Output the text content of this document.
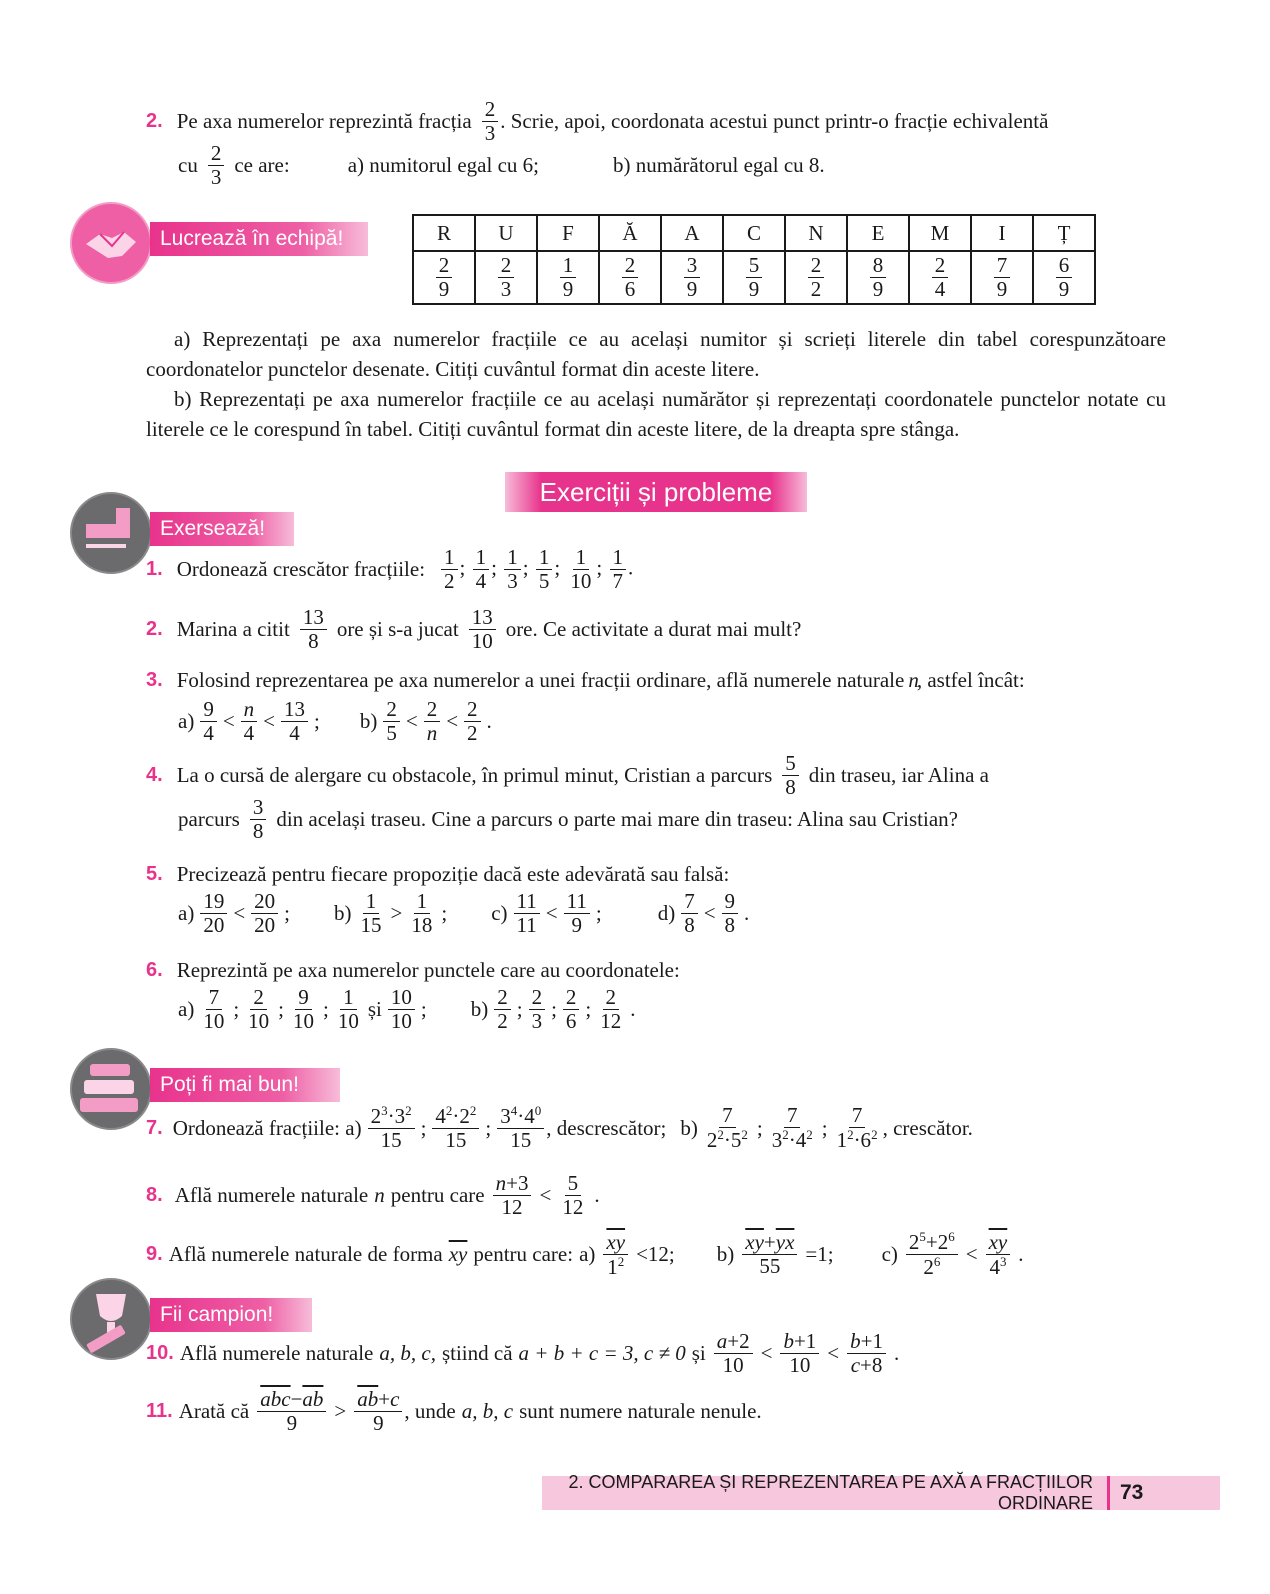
2. Pe axa numerelor reprezintă fracția $\frac{2}{3}$ . Scrie, apoi, coordonata acestui punct printr-o fracție echivalentă
cu $\frac{2}{3}$ ce are:	a) numitorul egal cu 6;	b) numărătorul egal cu 8.
Lucrează în echipă!	R	U	F	Ă	A	C	N	E	M	I	Ț

$\frac{2}{9}$	$\frac{2}{3}$	$\frac{1}{9}$	$\frac{2}{6}$	$\frac{3}{9}$	$\frac{5}{9}$	$\frac{2}{2}$	$\frac{8}{9}$	$\frac{2}{4}$	$\frac{7}{9}$	$\frac{6}{9}$
a) Reprezentați pe axa numerelor fracțiile ce au același numitor și scrieți literele din tabel corespunzătoare coordonatelor punctelor desenate. Citiți cuvântul format din aceste litere.
b) Reprezentați pe axa numerelor fracțiile ce au același numărător și reprezentați coordonatele punctelor notate cu literele ce le corespund în tabel. Citiți cuvântul format din aceste litere, de la dreapta spre stânga.
Exerciții și probleme
Exersează!
1. Ordonează crescător fracțiile: $\frac{1}{2}$ ; $\frac{1}{4}$ ; $\frac{1}{3}$ ; $\frac{1}{5}$ ; $\frac{1}{10}$ ; $\frac{1}{7}$ .
2. Marina a citit $\frac{13}{8}$ ore și s-a jucat $\frac{13}{10}$ ore. Ce activitate a durat mai mult?
3. Folosind reprezentarea pe axa numerelor a unei fracții ordinare, află numerele naturale n
, astfel încât:
$a) \frac{9}{4} < \frac{n}{4} < \frac{13}{4}$ ; $b) \frac{2}{5} < \frac{2}{n} < \frac{2}{2}$ .
4. La o cursă de alergare cu obstacole, în primul minut, Cristian a parcurs $\frac{5}{8}$ din traseu, iar Alina a
parcurs $\frac{3}{8}$ din același traseu. Cine a parcurs o parte mai mare din traseu: Alina sau Cristian?
5. Precizează pentru fiecare propoziție dacă este adevărată sau falsă:
$a) \frac{19}{20} < \frac{20}{20}$ ; $b) \frac{1}{15} > \frac{1}{18}$ ; $c) \frac{11}{11} < \frac{11}{9}$ ;	$d) \frac{7}{8} < \frac{9}{8}$ .
6. Reprezintă pe axa numerelor punctele care au coordonatele:
$a) \frac{7}{10}$ ; $\frac{2}{10}$ ; $\frac{9}{10}$ ; $\frac{1}{10}$ și $\frac{10}{10}$ ; $b) \frac{2}{2}$ ; $\frac{2}{3}$ ; $\frac{2}{6}$ ; $\frac{2}{12}$ .
Poți fi mai bun!
7. Ordonează fracțiile: $a) \frac{2^3\cdot 3^2}{15}$ ; $\frac{4^2\cdot 2^2}{15}$ ; $\frac{3^4\cdot 4^0}{15}$ , descrescător; $b) \frac{7}{2^2\cdot 5^2}$ ; $\frac{7}{3^2\cdot 4^2}$ ; $\frac{7}{1^2\cdot 6^2}$ , crescător.
8. Află numerele naturale n pentru care $\frac{n+3}{12} < \frac{5}{12}$ .
9. Află numerele naturale de forma $\overline{xy}$ pentru care: $a) \frac{\overline{xy}}{1^2} <12$; $b) \frac{\overline{xy}+\overline{yx}}{55} =1$; $c) \frac{2^5+2^6}{2^6} < \frac{\overline{xy}}{4^3}$ .
Fii campion!
10. Află numerele naturale a, b, c, știind că a + b + c = 3, c ≠ 0 și $\frac{a+2}{10} < \frac{b+1}{10} < \frac{b+1}{c+8}$ .
11. Arată că $\frac{\overline{abc}-\overline{ab}}{9} > \frac{\overline{ab}+c}{9}$ , unde a, b, c sunt numere naturale nenule.
2. COMPARAREA ȘI REPREZENTAREA PE AXĂ A FRACȚIILOR ORDINARE	73
